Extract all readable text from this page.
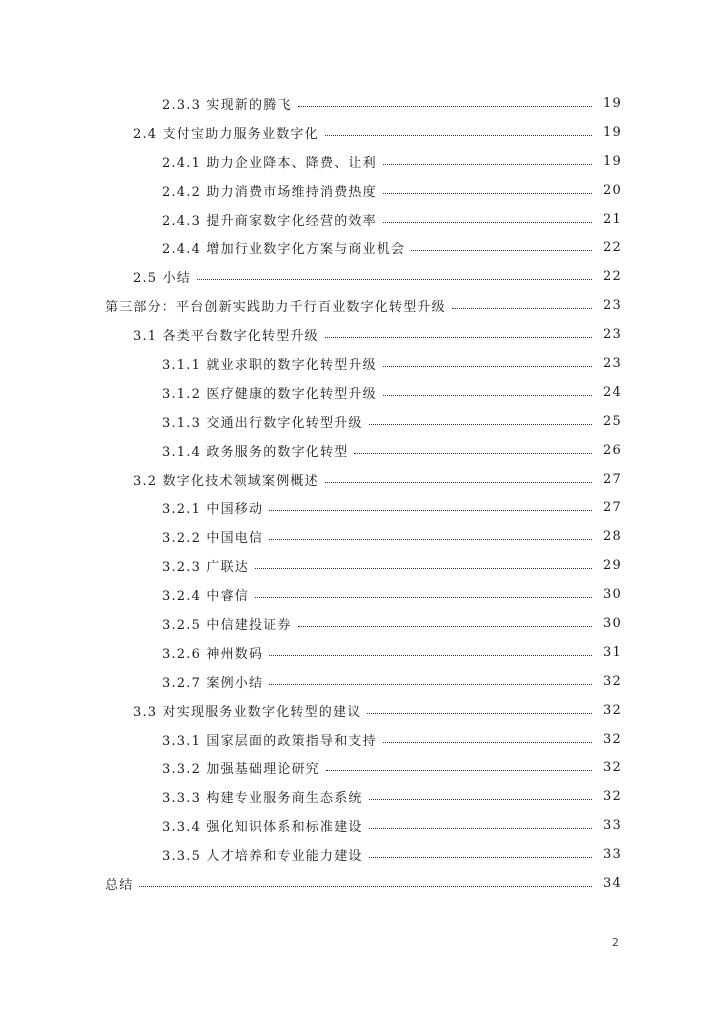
2.3.3 实现新的腾飞	19
2.4 支付宝助力服务业数字化	19
2.4.1 助力企业降本、降费、让利	19
2.4.2 助力消费市场维持消费热度	20
2.4.3 提升商家数字化经营的效率	21
2.4.4 增加行业数字化方案与商业机会	22
2.5 小结	22
第三部分：平台创新实践助力千行百业数字化转型升级	23
3.1 各类平台数字化转型升级	23
3.1.1 就业求职的数字化转型升级	23
3.1.2 医疗健康的数字化转型升级	24
3.1.3 交通出行数字化转型升级	25
3.1.4 政务服务的数字化转型	26
3.2 数字化技术领域案例概述	27
3.2.1 中国移动	27
3.2.2 中国电信	28
3.2.3 广联达	29
3.2.4 中睿信	30
3.2.5 中信建投证券	30
3.2.6 神州数码	31
3.2.7 案例小结	32
3.3 对实现服务业数字化转型的建议	32
3.3.1 国家层面的政策指导和支持	32
3.3.2 加强基础理论研究	32
3.3.3 构建专业服务商生态系统	32
3.3.4 强化知识体系和标准建设	33
3.3.5 人才培养和专业能力建设	33
总结	34
2
